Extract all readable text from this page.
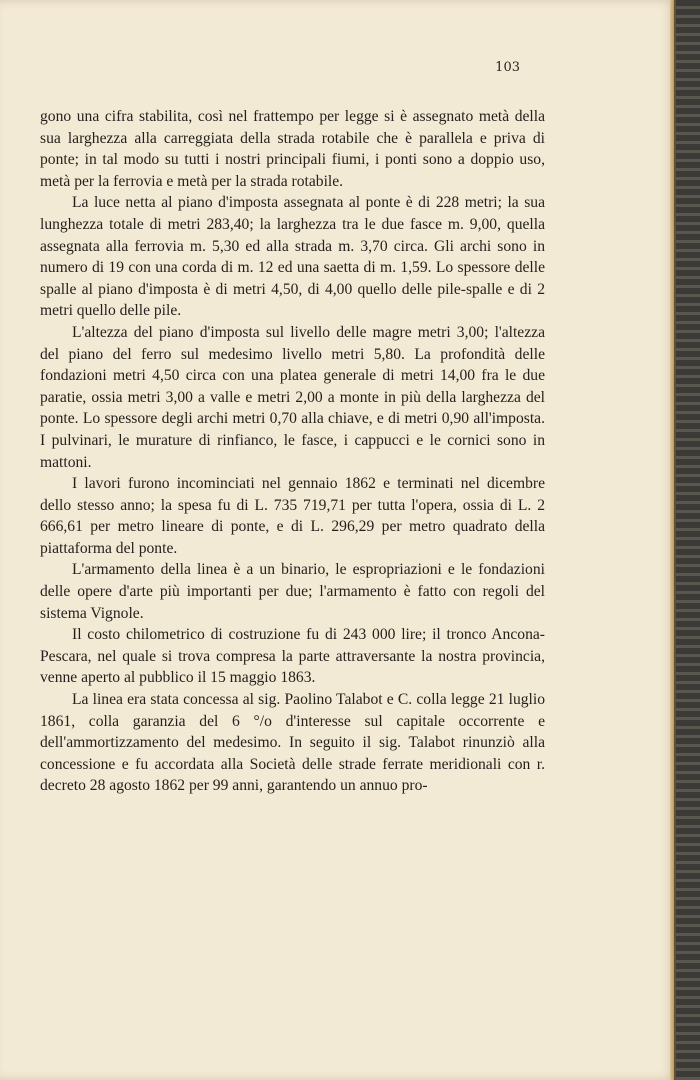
103

gono una cifra stabilita, così nel frattempo per legge si è assegnato metà della sua larghezza alla carreggiata della strada rotabile che è parallela e priva di ponte; in tal modo su tutti i nostri principali fiumi, i ponti sono a doppio uso, metà per la ferrovia e metà per la strada rotabile.

La luce netta al piano d'imposta assegnata al ponte è di 228 metri; la sua lunghezza totale di metri 283,40; la larghezza tra le due fasce m. 9,00, quella assegnata alla ferrovia m. 5,30 ed alla strada m. 3,70 circa. Gli archi sono in numero di 19 con una corda di m. 12 ed una saetta di m. 1,59. Lo spessore delle spalle al piano d'imposta è di metri 4,50, di 4,00 quello delle pile-spalle e di 2 metri quello delle pile.

L'altezza del piano d'imposta sul livello delle magre metri 3,00; l'altezza del piano del ferro sul medesimo livello metri 5,80. La profondità delle fondazioni metri 4,50 circa con una platea generale di metri 14,00 fra le due paratie, ossia metri 3,00 a valle e metri 2,00 a monte in più della larghezza del ponte. Lo spessore degli archi metri 0,70 alla chiave, e di metri 0,90 all'imposta. I pulvinari, le murature di rinfianco, le fasce, i cappucci e le cornici sono in mattoni.

I lavori furono incominciati nel gennaio 1862 e terminati nel dicembre dello stesso anno; la spesa fu di L. 735 719,71 per tutta l'opera, ossia di L. 2 666,61 per metro lineare di ponte, e di L. 296,29 per metro quadrato della piattaforma del ponte.

L'armamento della linea è a un binario, le espropriazioni e le fondazioni delle opere d'arte più importanti per due; l'armamento è fatto con regoli del sistema Vignole.

Il costo chilometrico di costruzione fu di 243 000 lire; il tronco Ancona-Pescara, nel quale si trova compresa la parte attraversante la nostra provincia, venne aperto al pubblico il 15 maggio 1863.

La linea era stata concessa al sig. Paolino Talabot e C. colla legge 21 luglio 1861, colla garanzia del 6 °/o d'interesse sul capitale occorrente e dell'ammortizzamento del medesimo. In seguito il sig. Talabot rinunziò alla concessione e fu accordata alla Società delle strade ferrate meridionali con r. decreto 28 agosto 1862 per 99 anni, garantendo un annuo pro-
